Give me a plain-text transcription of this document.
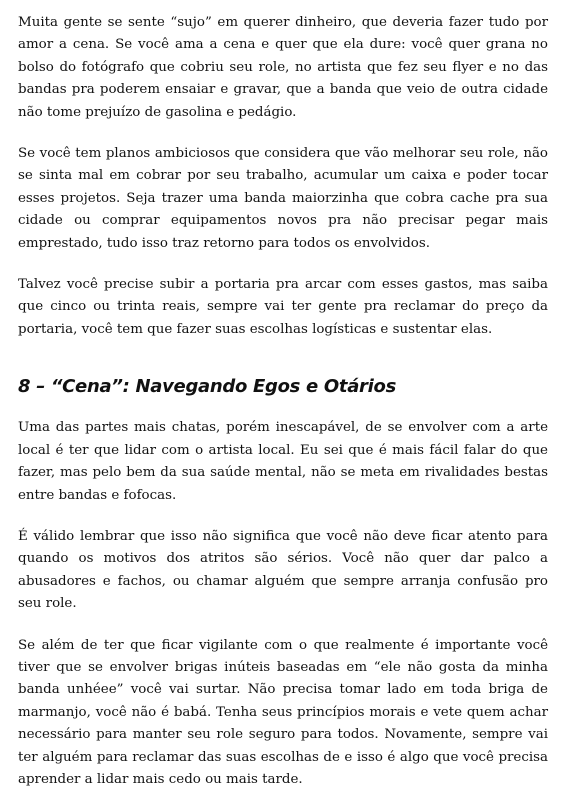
Muita gente se sente “sujo” em querer dinheiro, que deveria fazer tudo por amor a cena. Se você ama a cena e quer que ela dure: você quer grana no bolso do fotógrafo que cobriu seu role, no artista que fez seu flyer e no das bandas pra poderem ensaiar e gravar, que a banda que veio de outra cidade não tome prejuízo de gasolina e pedágio.

Se você tem planos ambiciosos que considera que vão melhorar seu role, não se sinta mal em cobrar por seu trabalho, acumular um caixa e poder tocar esses projetos. Seja trazer uma banda maiorzinha que cobra cache pra sua cidade ou comprar equipamentos novos pra não precisar pegar mais emprestado, tudo isso traz retorno para todos os envolvidos.

Talvez você precise subir a portaria pra arcar com esses gastos, mas saiba que cinco ou trinta reais, sempre vai ter gente pra reclamar do preço da portaria, você tem que fazer suas escolhas logísticas e sustentar elas.

8 – “Cena”: Navegando Egos e Otários

Uma das partes mais chatas, porém inescapável, de se envolver com a arte local é ter que lidar com o artista local. Eu sei que é mais fácil falar do que fazer, mas pelo bem da sua saúde mental, não se meta em rivalidades bestas entre bandas e fofocas.

É válido lembrar que isso não significa que você não deve ficar atento para quando os motivos dos atritos são sérios. Você não quer dar palco a abusadores e fachos, ou chamar alguém que sempre arranja confusão pro seu role.

Se além de ter que ficar vigilante com o que realmente é importante você tiver que se envolver brigas inúteis baseadas em “ele não gosta da minha banda unhéee” você vai surtar. Não precisa tomar lado em toda briga de marmanjo, você não é babá. Tenha seus princípios morais e vete quem achar necessário para manter seu role seguro para todos. Novamente, sempre vai ter alguém para reclamar das suas escolhas de e isso é algo que você precisa aprender a lidar mais cedo ou mais tarde.
